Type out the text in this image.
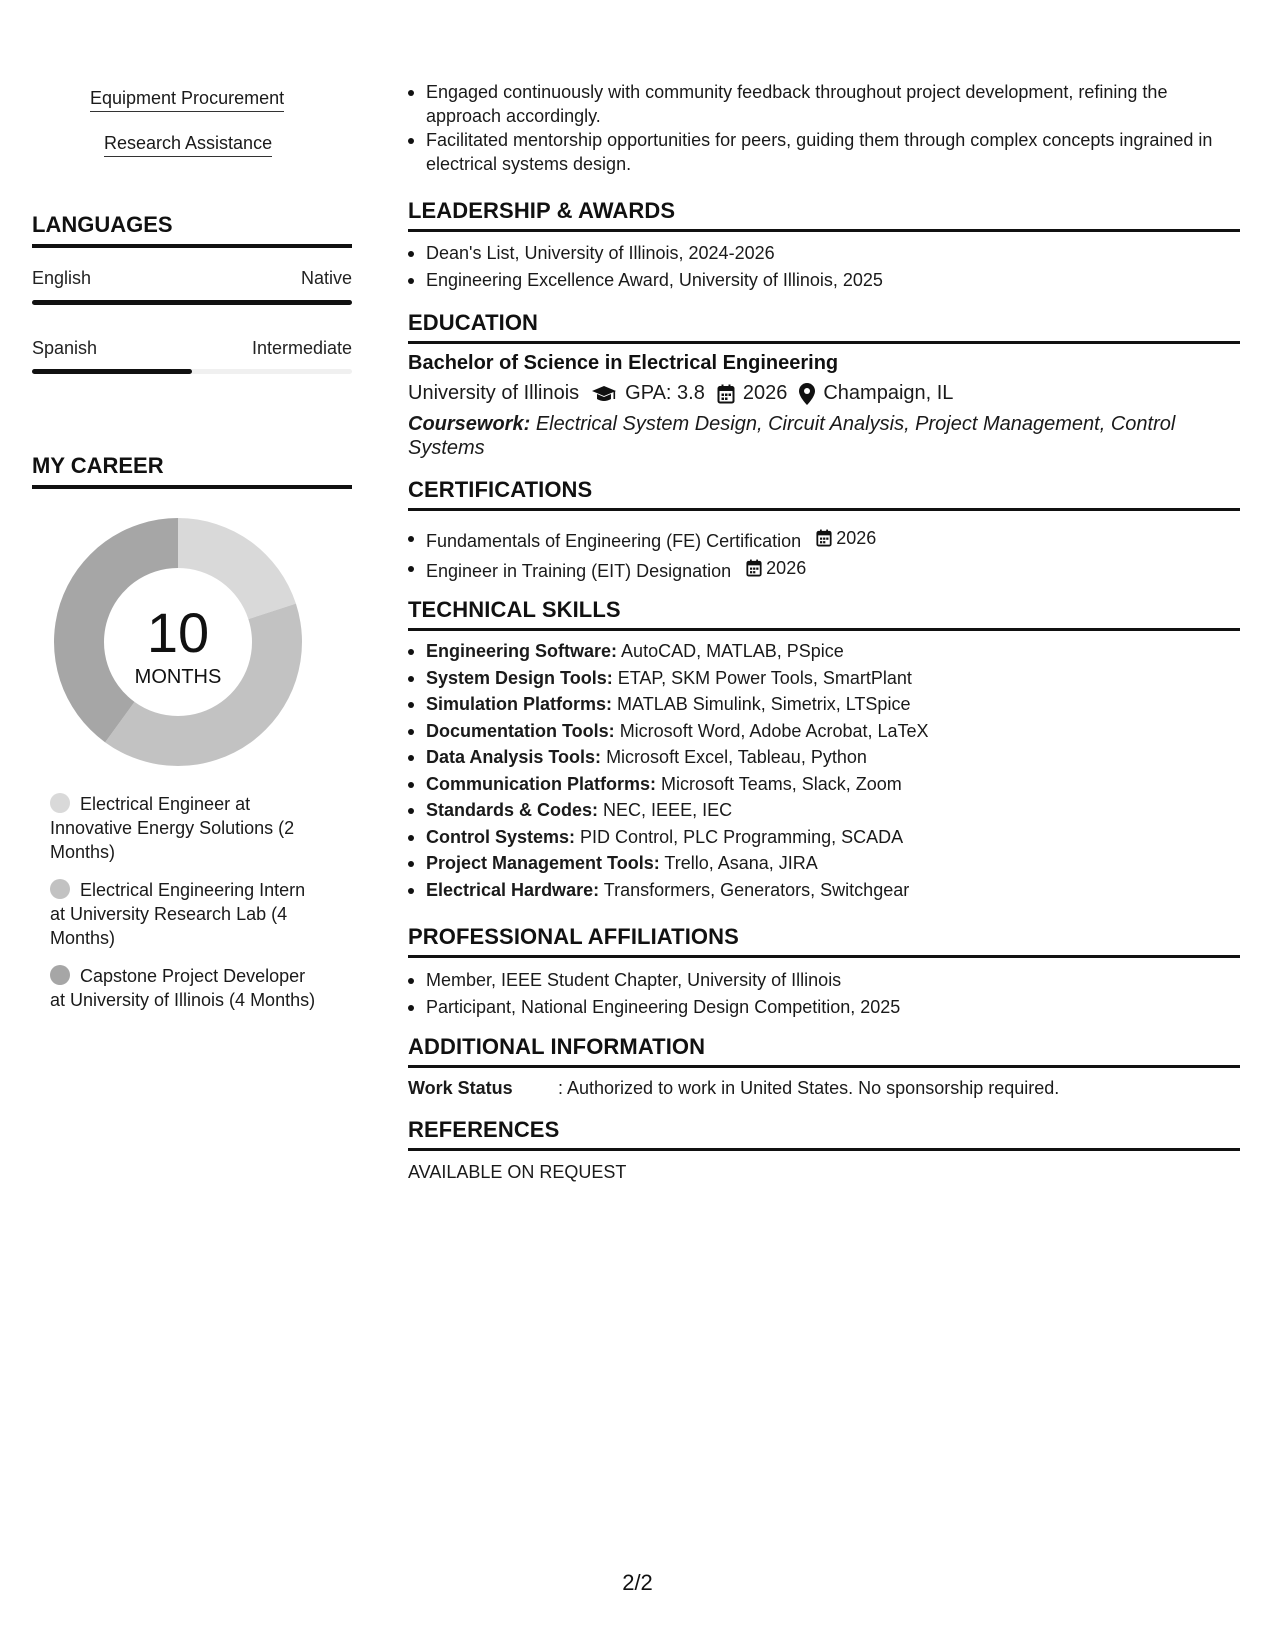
Equipment Procurement
Research Assistance
LANGUAGES
English	Native
Spanish	Intermediate
MY CAREER
10
MONTHS
Electrical Engineer at Innovative Energy Solutions (2 Months)
Electrical Engineering Intern at University Research Lab (4 Months)
Capstone Project Developer at University of Illinois (4 Months)
Engaged continuously with community feedback throughout project development, refining the approach accordingly.
Facilitated mentorship opportunities for peers, guiding them through complex concepts ingrained in electrical systems design.
LEADERSHIP & AWARDS
Dean's List, University of Illinois, 2024-2026
Engineering Excellence Award, University of Illinois, 2025
EDUCATION
Bachelor of Science in Electrical Engineering
University of Illinois GPA: 3.8 2026 Champaign, IL
Coursework: Electrical System Design, Circuit Analysis, Project Management, Control Systems
CERTIFICATIONS
Fundamentals of Engineering (FE) Certification 2026
Engineer in Training (EIT) Designation 2026
TECHNICAL SKILLS
Engineering Software: AutoCAD, MATLAB, PSpice
System Design Tools: ETAP, SKM Power Tools, SmartPlant
Simulation Platforms: MATLAB Simulink, Simetrix, LTSpice
Documentation Tools: Microsoft Word, Adobe Acrobat, LaTeX
Data Analysis Tools: Microsoft Excel, Tableau, Python
Communication Platforms: Microsoft Teams, Slack, Zoom
Standards & Codes: NEC, IEEE, IEC
Control Systems: PID Control, PLC Programming, SCADA
Project Management Tools: Trello, Asana, JIRA
Electrical Hardware: Transformers, Generators, Switchgear
PROFESSIONAL AFFILIATIONS
Member, IEEE Student Chapter, University of Illinois
Participant, National Engineering Design Competition, 2025
ADDITIONAL INFORMATION
Work Status	: Authorized to work in United States. No sponsorship required.
REFERENCES
AVAILABLE ON REQUEST
2/2
